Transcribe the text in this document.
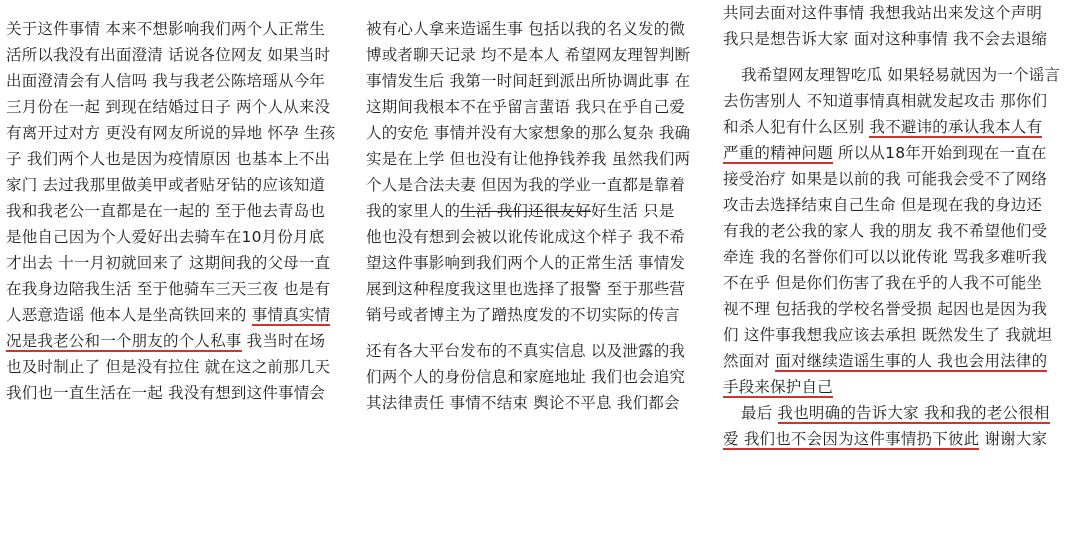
关于这件事情 本来不想影响我们两个人正常生
活所以我没有出面澄清 话说各位网友 如果当时
出面澄清会有人信吗 我与我老公陈培瑶从今年
三月份在一起 到现在结婚过日子 两个人从来没
有离开过对方 更没有网友所说的异地 怀孕 生孩
子 我们两个人也是因为疫情原因 也基本上不出
家门 去过我那里做美甲或者贴牙钻的应该知道
我和我老公一直都是在一起的 至于他去青岛也
是他自己因为个人爱好出去骑车在10月份月底
才出去 十一月初就回来了 这期间我的父母一直
在我身边陪我生活 至于他骑车三天三夜 也是有
人恶意造谣 他本人是坐高铁回来的 事情真实情
况是我老公和一个朋友的个人私事 我当时在场
也及时制止了 但是没有拉住 就在这之前那几天
我们也一直生活在一起 我没有想到这件事情会
被有心人拿来造谣生事 包括以我的名义发的微
博或者聊天记录 均不是本人 希望网友理智判断
事情发生后 我第一时间赶到派出所协调此事 在
这期间我根本不在乎留言蜚语 我只在乎自己爱
人的安危 事情并没有大家想象的那么复杂 我确
实是在上学 但也没有让他挣钱养我 虽然我们两
个人是合法夫妻 但因为我的学业一直都是靠着
我的家里人的生活 我们还很友好好生活 只是
他也没有想到会被以讹传讹成这个样子 我不希
望这件事影响到我们两个人的正常生活 事情发
展到这种程度我这里也选择了报警 至于那些营
销号或者博主为了蹭热度发的不切实际的传言
还有各大平台发布的不真实信息 以及泄露的我
们两个人的身份信息和家庭地址 我们也会追究
其法律责任 事情不结束 舆论不平息 我们都会
共同去面对这件事情 我想我站出来发这个声明
我只是想告诉大家 面对这种事情 我不会去退缩
我希望网友理智吃瓜 如果轻易就因为一个谣言
去伤害别人 不知道事情真相就发起攻击 那你们
和杀人犯有什么区别 我不避讳的承认我本人有
严重的精神问题 所以从18年开始到现在一直在
接受治疗 如果是以前的我 可能我会受不了网络
攻击去选择结束自己生命 但是现在我的身边还
有我的老公我的家人 我的朋友 我不希望他们受
牵连 我的名誉你们可以以讹传讹 骂我多难听我
不在乎 但是你们伤害了我在乎的人我不可能坐
视不理 包括我的学校名誉受损 起因也是因为我
们 这件事我想我应该去承担 既然发生了 我就坦
然面对 面对继续造谣生事的人 我也会用法律的
手段来保护自己
最后 我也明确的告诉大家 我和我的老公很相
爱 我们也不会因为这件事情扔下彼此 谢谢大家
